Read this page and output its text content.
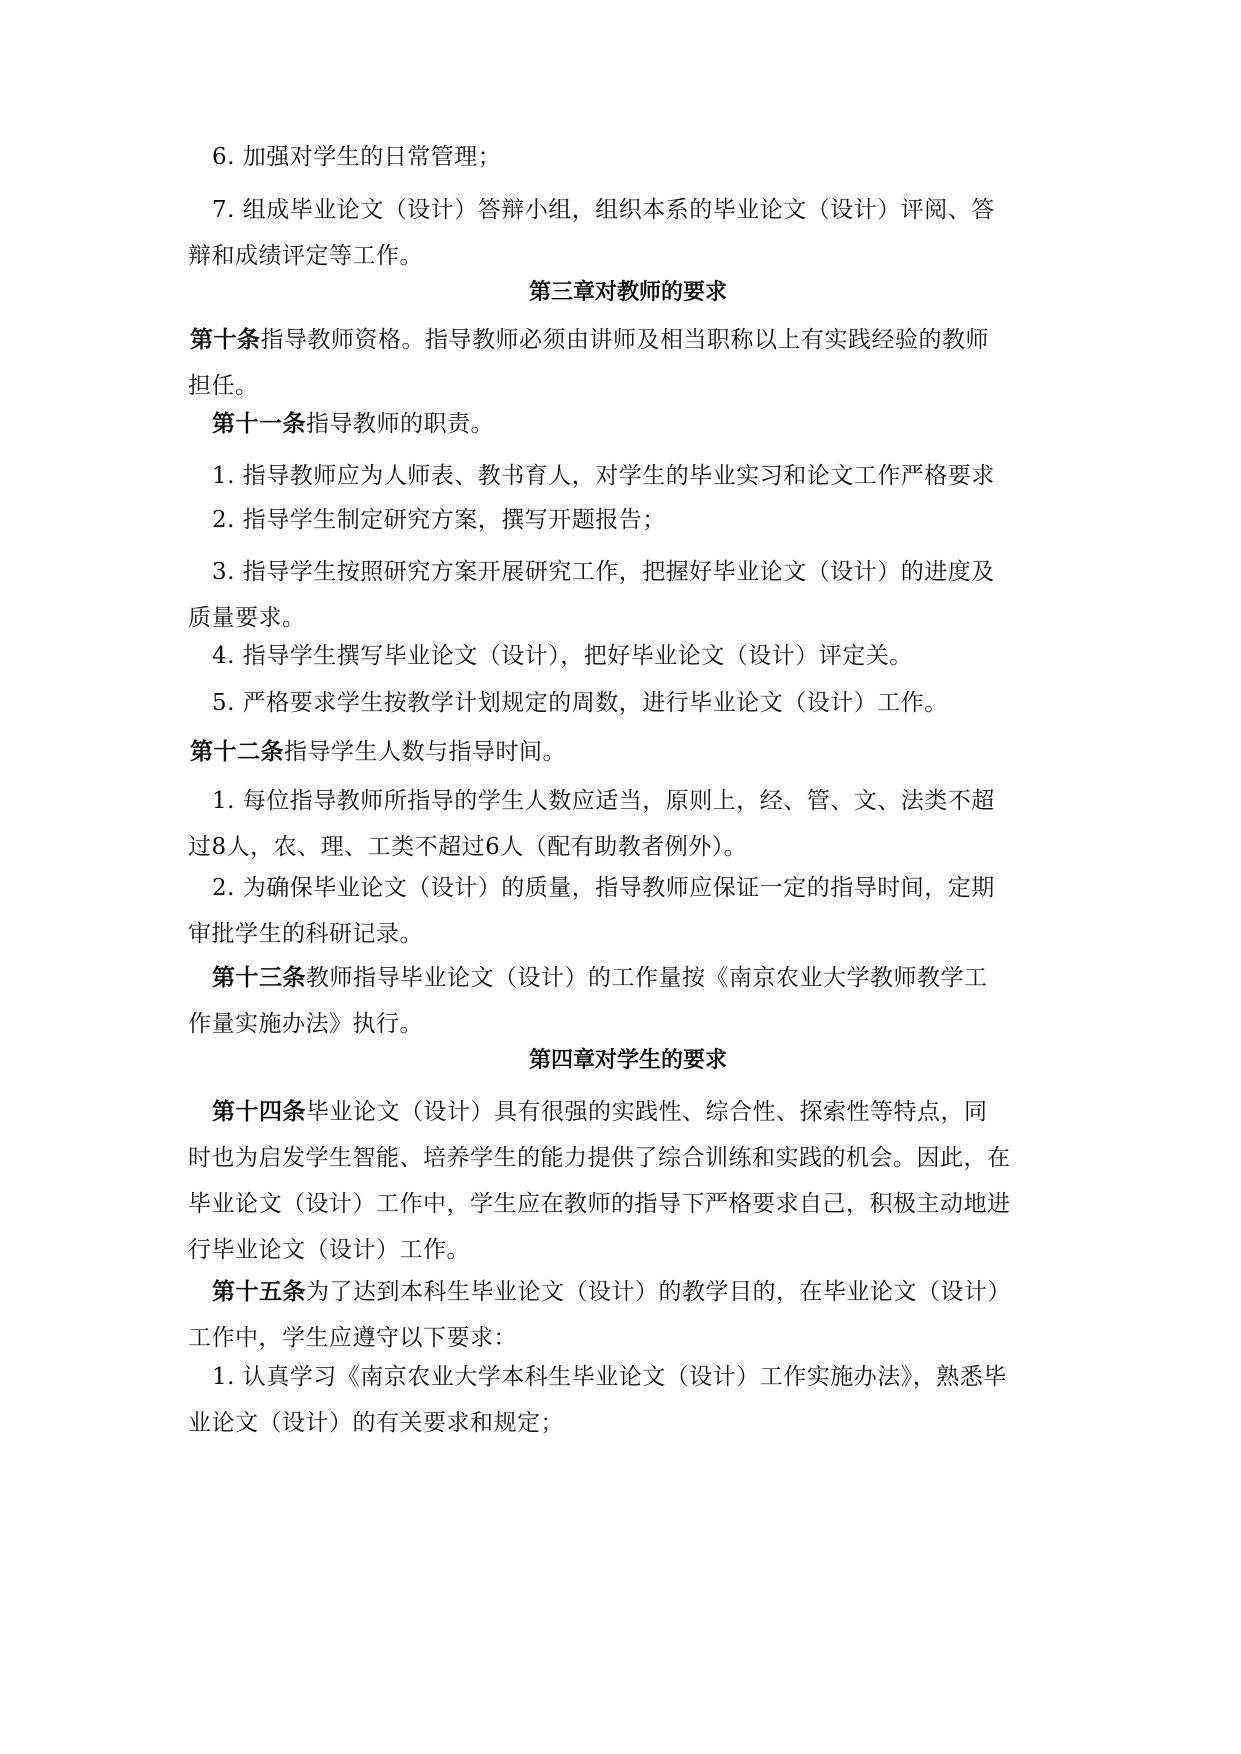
6. 加强对学生的日常管理；
7. 组成毕业论文（设计）答辩小组，组织本系的毕业论文（设计）评阅、答
辩和成绩评定等工作。
第三章对教师的要求
第十条指导教师资格。指导教师必须由讲师及相当职称以上有实践经验的教师
担任。
第十一条指导教师的职责。
1. 指导教师应为人师表、教书育人，对学生的毕业实习和论文工作严格要求
2. 指导学生制定研究方案，撰写开题报告；
3. 指导学生按照研究方案开展研究工作，把握好毕业论文（设计）的进度及
质量要求。
4. 指导学生撰写毕业论文（设计），把好毕业论文（设计）评定关。
5. 严格要求学生按教学计划规定的周数，进行毕业论文（设计）工作。
第十二条指导学生人数与指导时间。
1. 每位指导教师所指导的学生人数应适当，原则上，经、管、文、法类不超
过8人，农、理、工类不超过6人（配有助教者例外）。
2. 为确保毕业论文（设计）的质量，指导教师应保证一定的指导时间，定期
审批学生的科研记录。
第十三条教师指导毕业论文（设计）的工作量按《南京农业大学教师教学工
作量实施办法》执行。
第四章对学生的要求
第十四条毕业论文（设计）具有很强的实践性、综合性、探索性等特点，同
时也为启发学生智能、培养学生的能力提供了综合训练和实践的机会。因此，在
毕业论文（设计）工作中，学生应在教师的指导下严格要求自己，积极主动地进
行毕业论文（设计）工作。
第十五条为了达到本科生毕业论文（设计）的教学目的，在毕业论文（设计）
工作中，学生应遵守以下要求：
1. 认真学习《南京农业大学本科生毕业论文（设计）工作实施办法》，熟悉毕
业论文（设计）的有关要求和规定；
